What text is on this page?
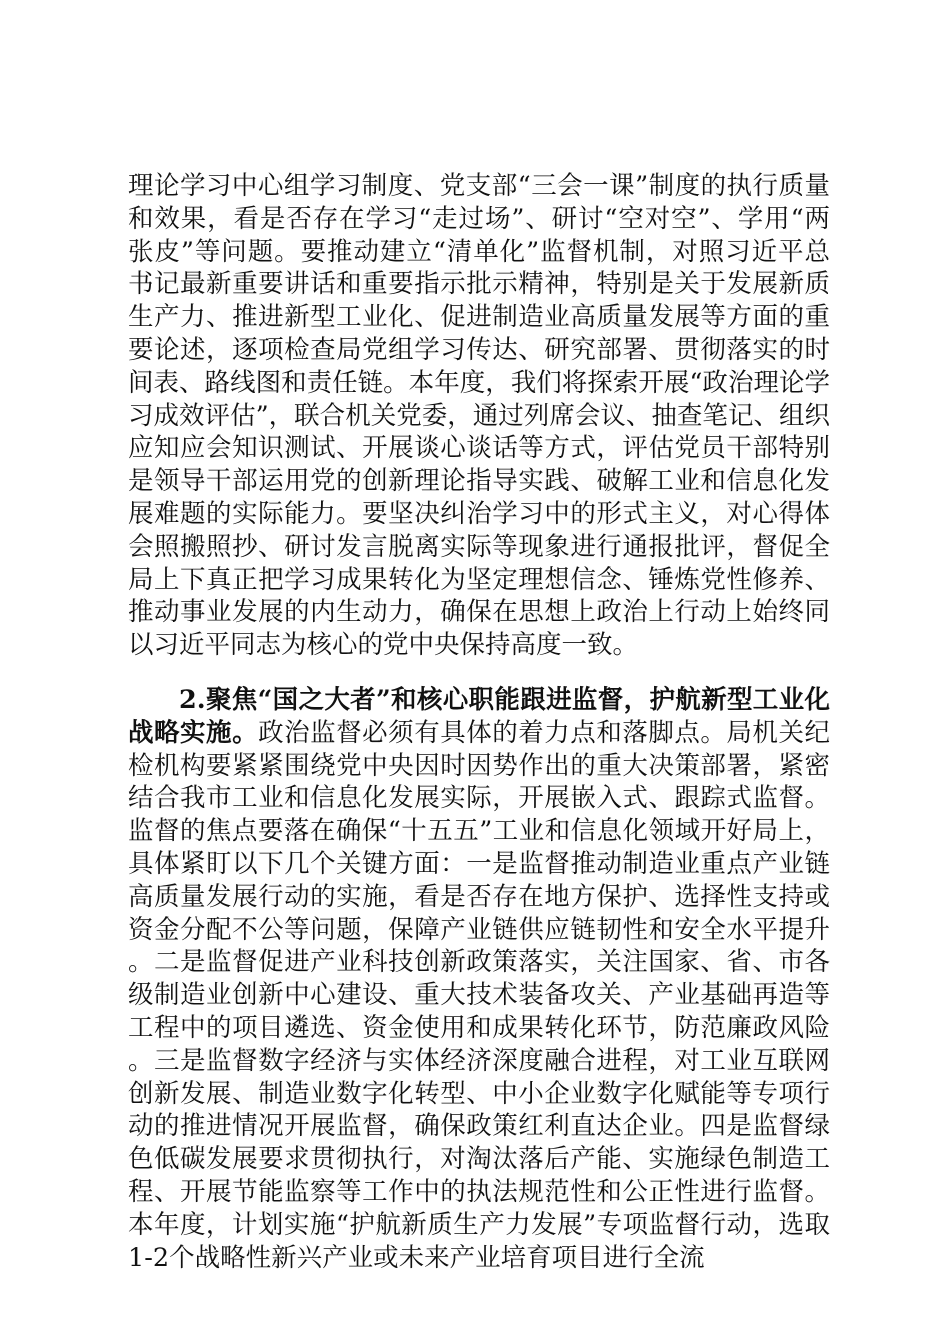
理论学习中心组学习制度、党支部“三会一课”制度的执行质量和效果，看是否存在学习“走过场”、研讨“空对空”、学用“两张皮”等问题。要推动建立“清单化”监督机制，对照习近平总书记最新重要讲话和重要指示批示精神，特别是关于发展新质生产力、推进新型工业化、促进制造业高质量发展等方面的重要论述，逐项检查局党组学习传达、研究部署、贯彻落实的时间表、路线图和责任链。本年度，我们将探索开展“政治理论学习成效评估”，联合机关党委，通过列席会议、抽查笔记、组织应知应会知识测试、开展谈心谈话等方式，评估党员干部特别是领导干部运用党的创新理论指导实践、破解工业和信息化发展难题的实际能力。要坚决纠治学习中的形式主义，对心得体会照搬照抄、研讨发言脱离实际等现象进行通报批评，督促全局上下真正把学习成果转化为坚定理想信念、锤炼党性修养、推动事业发展的内生动力，确保在思想上政治上行动上始终同以习近平同志为核心的党中央保持高度一致。

2.聚焦“国之大者”和核心职能跟进监督，护航新型工业化战略实施。政治监督必须有具体的着力点和落脚点。局机关纪检机构要紧紧围绕党中央因时因势作出的重大决策部署，紧密结合我市工业和信息化发展实际，开展嵌入式、跟踪式监督。监督的焦点要落在确保“十五五”工业和信息化领域开好局上，具体紧盯以下几个关键方面：一是监督推动制造业重点产业链高质量发展行动的实施，看是否存在地方保护、选择性支持或资金分配不公等问题，保障产业链供应链韧性和安全水平提升。二是监督促进产业科技创新政策落实，关注国家、省、市各级制造业创新中心建设、重大技术装备攻关、产业基础再造等工程中的项目遴选、资金使用和成果转化环节，防范廉政风险。三是监督数字经济与实体经济深度融合进程，对工业互联网创新发展、制造业数字化转型、中小企业数字化赋能等专项行动的推进情况开展监督，确保政策红利直达企业。四是监督绿色低碳发展要求贯彻执行，对淘汰落后产能、实施绿色制造工程、开展节能监察等工作中的执法规范性和公正性进行监督。本年度，计划实施“护航新质生产力发展”专项监督行动，选取1-2个战略性新兴产业或未来产业培育项目进行全流
